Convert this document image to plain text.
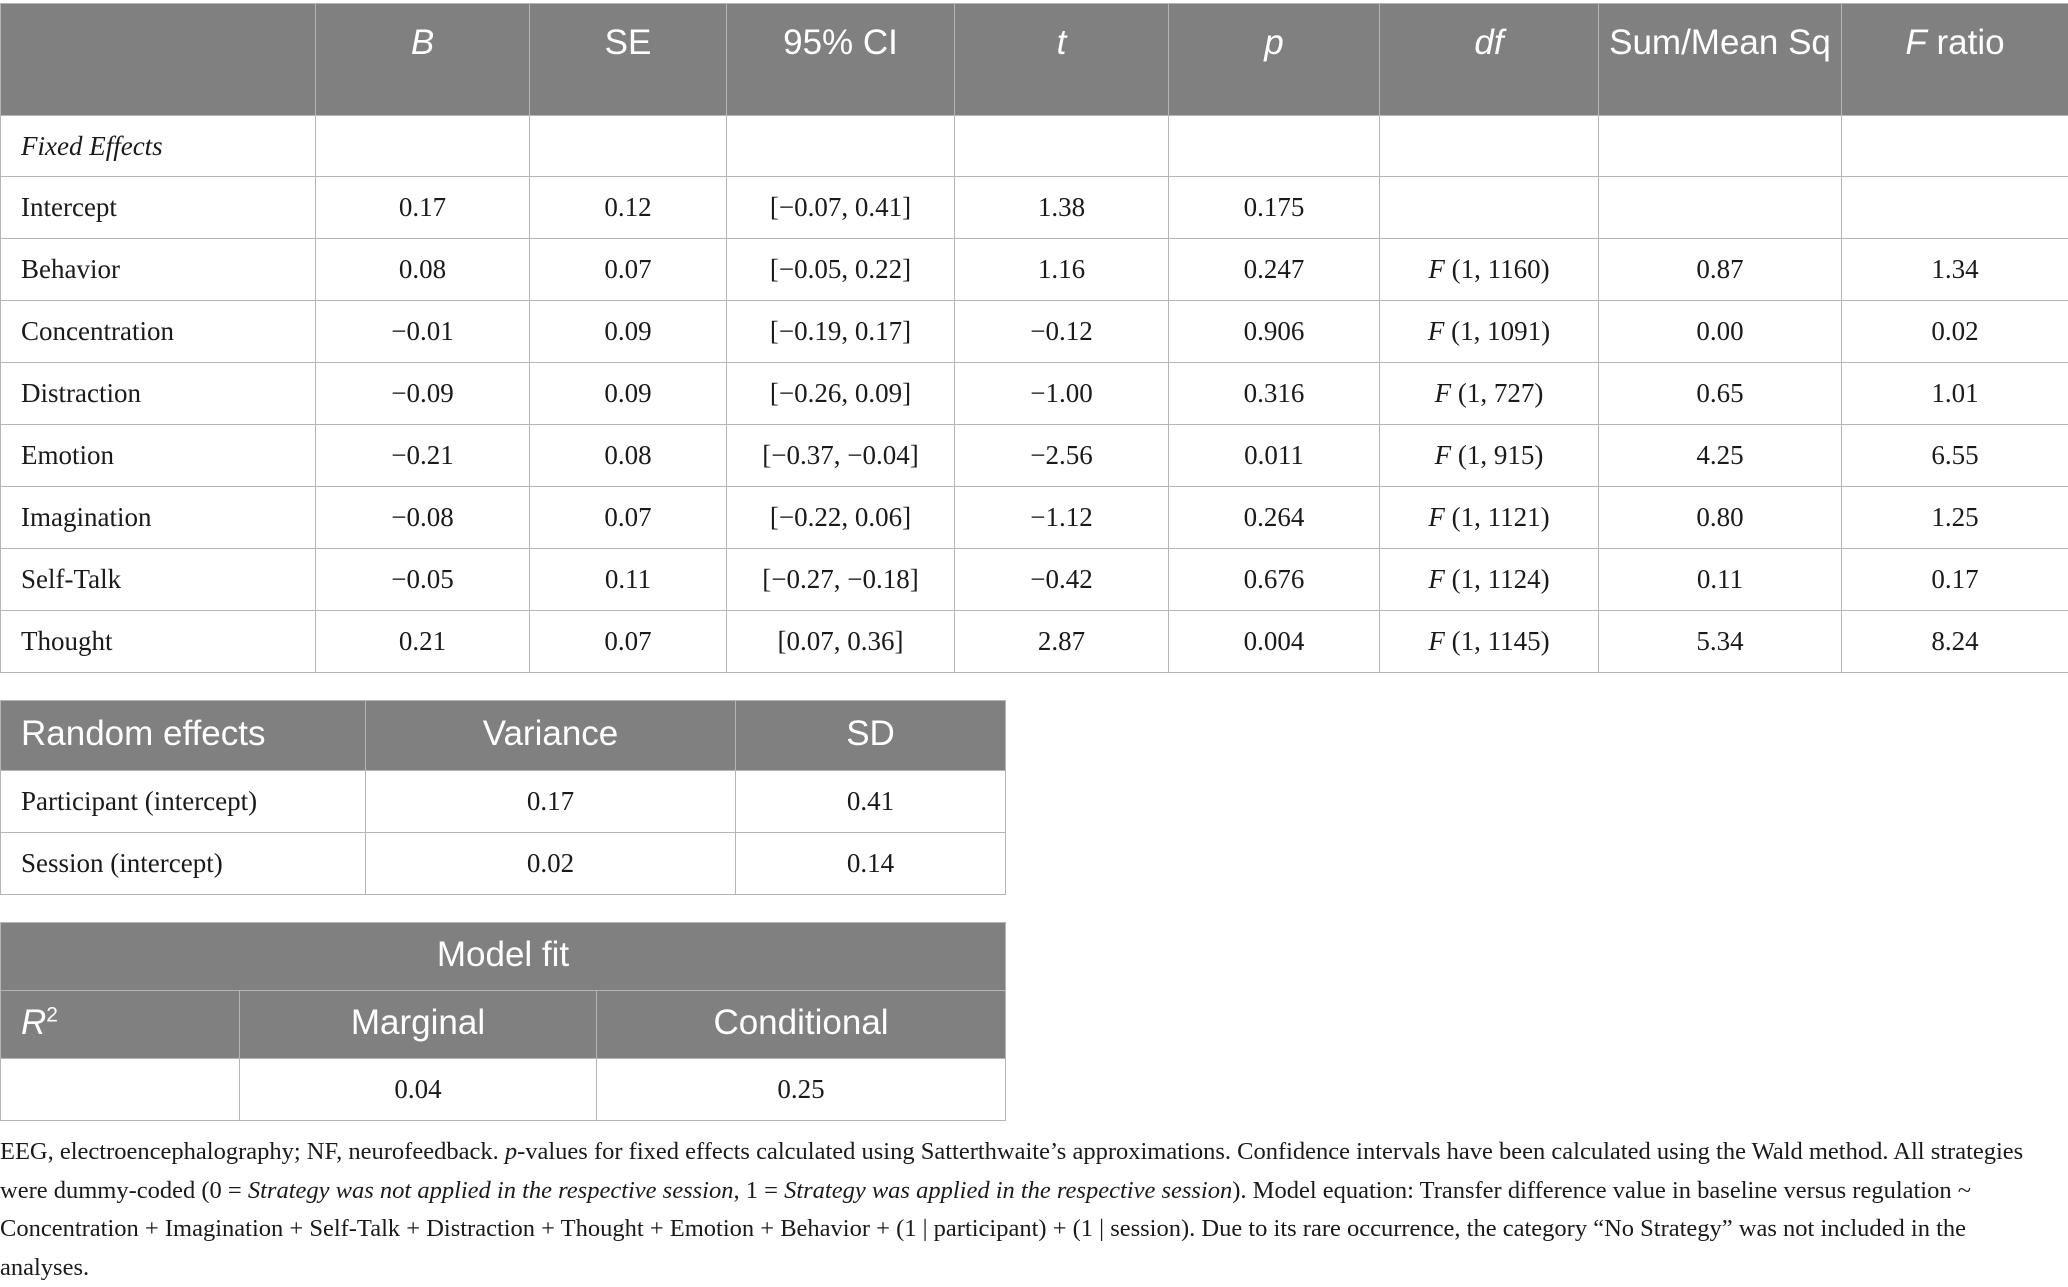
	B	SE	95% CI	t	p	df	Sum/Mean Sq	F ratio
Fixed Effects								
Intercept	0.17	0.12	[−0.07, 0.41]	1.38	0.175			
Behavior	0.08	0.07	[−0.05, 0.22]	1.16	0.247	F (1, 1160)	0.87	1.34
Concentration	−0.01	0.09	[−0.19, 0.17]	−0.12	0.906	F (1, 1091)	0.00	0.02
Distraction	−0.09	0.09	[−0.26, 0.09]	−1.00	0.316	F (1, 727)	0.65	1.01
Emotion	−0.21	0.08	[−0.37, −0.04]	−2.56	0.011	F (1, 915)	4.25	6.55
Imagination	−0.08	0.07	[−0.22, 0.06]	−1.12	0.264	F (1, 1121)	0.80	1.25
Self-Talk	−0.05	0.11	[−0.27, −0.18]	−0.42	0.676	F (1, 1124)	0.11	0.17
Thought	0.21	0.07	[0.07, 0.36]	2.87	0.004	F (1, 1145)	5.34	8.24
Random effects	Variance	SD
Participant (intercept)	0.17	0.41
Session (intercept)	0.02	0.14
Model fit		
$R^2$	Marginal	Conditional
	0.04	0.25

EEG, electroencephalography; NF, neurofeedback. p-values for fixed effects calculated using Satterthwaite’s approximations. Confidence intervals have been calculated using the Wald method. All strategies were dummy-coded (0 = Strategy was not applied in the respective session, 1 = Strategy was applied in the respective session). Model equation: Transfer difference value in baseline versus regulation ~ Concentration + Imagination + Self-Talk + Distraction + Thought + Emotion + Behavior + (1 | participant) + (1 | session). Due to its rare occurrence, the category “No Strategy” was not included in the analyses.
